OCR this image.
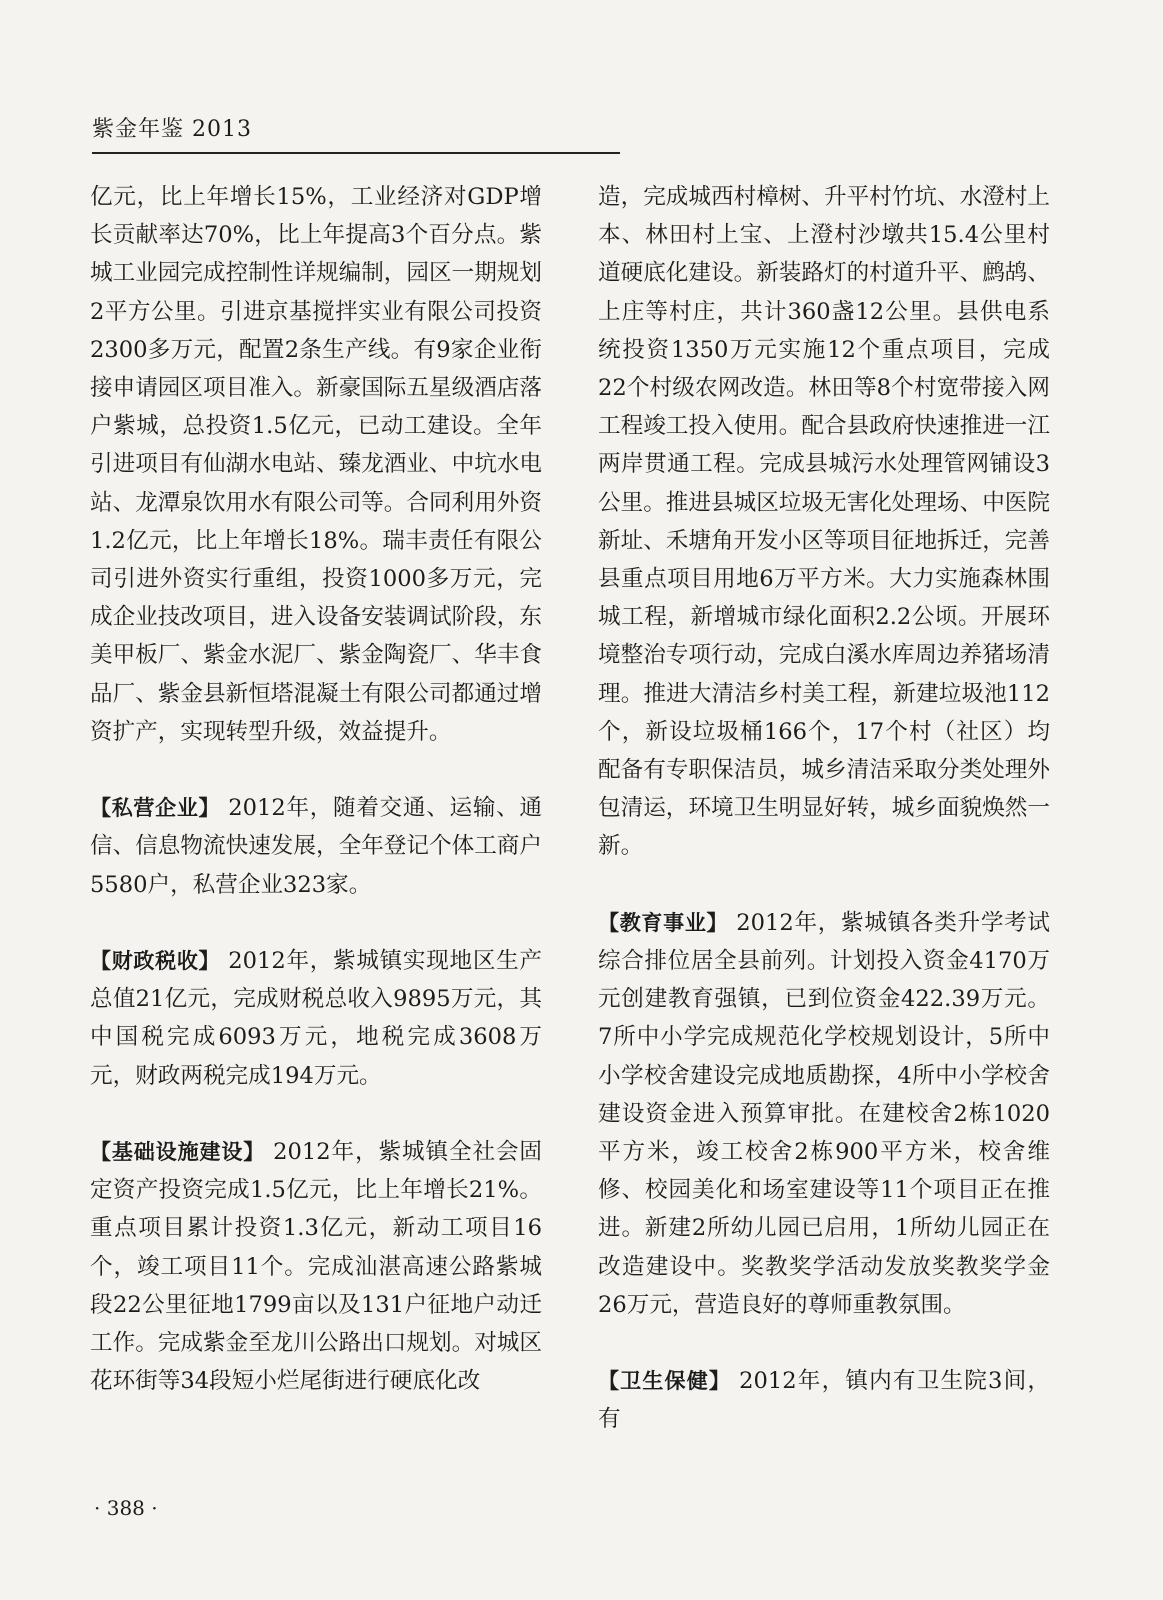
紫金年鉴 2013

亿元，比上年增长15%，工业经济对GDP增长贡献率达70%，比上年提高3个百分点。紫城工业园完成控制性详规编制，园区一期规划2平方公里。引进京基搅拌实业有限公司投资2300多万元，配置2条生产线。有9家企业衔接申请园区项目准入。新豪国际五星级酒店落户紫城，总投资1.5亿元，已动工建设。全年引进项目有仙湖水电站、臻龙酒业、中坑水电站、龙潭泉饮用水有限公司等。合同利用外资1.2亿元，比上年增长18%。瑞丰责任有限公司引进外资实行重组，投资1000多万元，完成企业技改项目，进入设备安装调试阶段，东美甲板厂、紫金水泥厂、紫金陶瓷厂、华丰食品厂、紫金县新恒塔混凝土有限公司都通过增资扩产，实现转型升级，效益提升。

【私营企业】 2012年，随着交通、运输、通信、信息物流快速发展，全年登记个体工商户5580户，私营企业323家。

【财政税收】 2012年，紫城镇实现地区生产总值21亿元，完成财税总收入9895万元，其中国税完成6093万元，地税完成3608万元，财政两税完成194万元。

【基础设施建设】 2012年，紫城镇全社会固定资产投资完成1.5亿元，比上年增长21%。重点项目累计投资1.3亿元，新动工项目16个，竣工项目11个。完成汕湛高速公路紫城段22公里征地1799亩以及131户征地户动迁工作。完成紫金至龙川公路出口规划。对城区花环街等34段短小烂尾街进行硬底化改

造，完成城西村樟树、升平村竹坑、水澄村上本、林田村上宝、上澄村沙墩共15.4公里村道硬底化建设。新装路灯的村道升平、鹧鸪、上庄等村庄，共计360盏12公里。县供电系统投资1350万元实施12个重点项目，完成22个村级农网改造。林田等8个村宽带接入网工程竣工投入使用。配合县政府快速推进一江两岸贯通工程。完成县城污水处理管网铺设3公里。推进县城区垃圾无害化处理场、中医院新址、禾塘角开发小区等项目征地拆迁，完善县重点项目用地6万平方米。大力实施森林围城工程，新增城市绿化面积2.2公顷。开展环境整治专项行动，完成白溪水库周边养猪场清理。推进大清洁乡村美工程，新建垃圾池112个，新设垃圾桶166个，17个村（社区）均配备有专职保洁员，城乡清洁采取分类处理外包清运，环境卫生明显好转，城乡面貌焕然一新。

【教育事业】 2012年，紫城镇各类升学考试综合排位居全县前列。计划投入资金4170万元创建教育强镇，已到位资金422.39万元。7所中小学完成规范化学校规划设计，5所中小学校舍建设完成地质勘探，4所中小学校舍建设资金进入预算审批。在建校舍2栋1020平方米，竣工校舍2栋900平方米，校舍维修、校园美化和场室建设等11个项目正在推进。新建2所幼儿园已启用，1所幼儿园正在改造建设中。奖教奖学活动发放奖教奖学金26万元，营造良好的尊师重教氛围。

【卫生保健】 2012年，镇内有卫生院3间，有

· 388 ·
